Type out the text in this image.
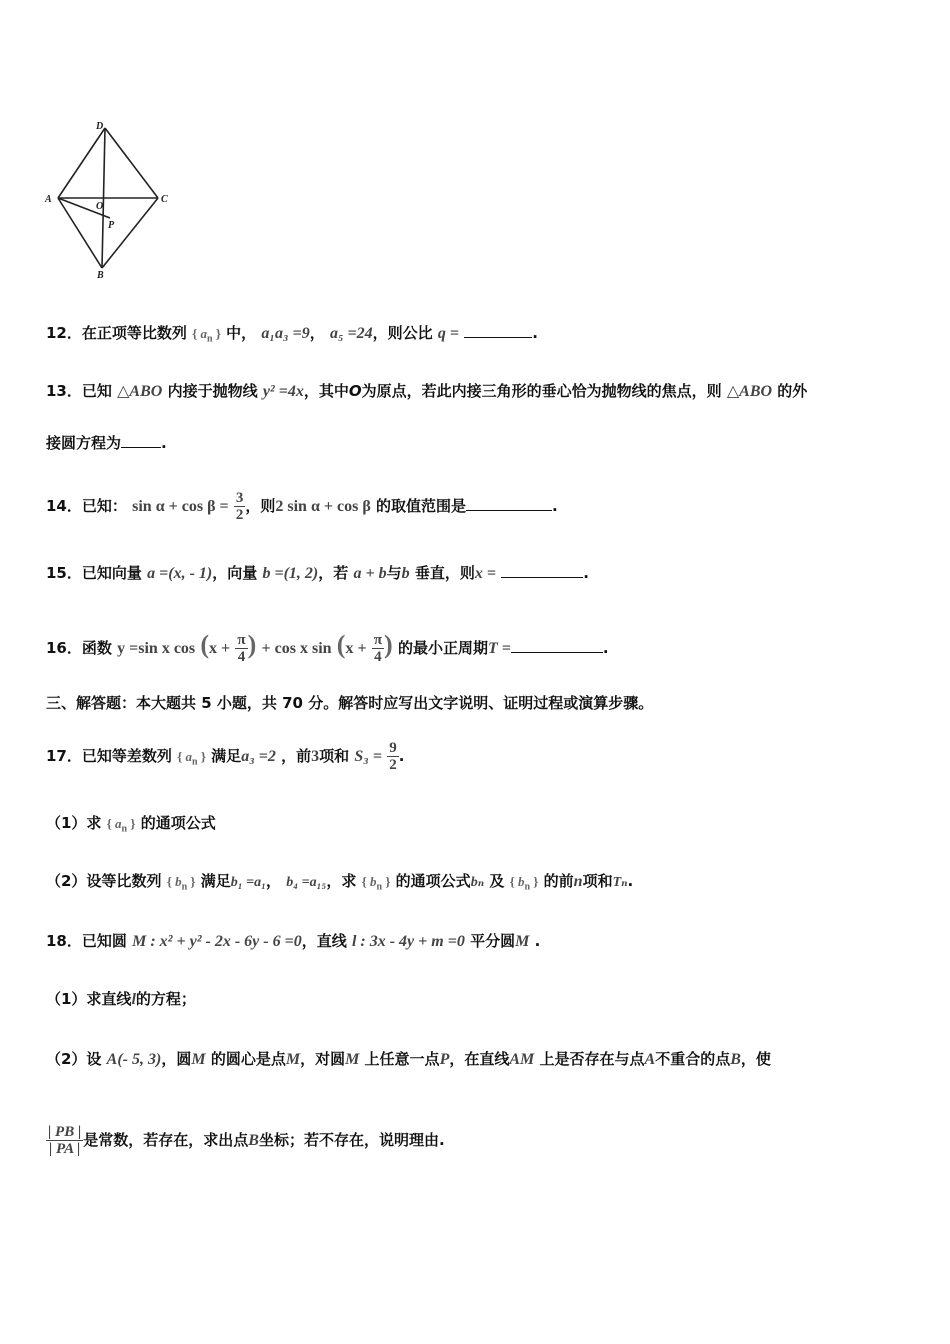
D
A	C
O
P
B
12．在正项等比数列 { $a_n$ } 中， a₁a₃ =9， a₅ =24，则公比 q =	.
13．已知 △ABO 内接于抛物线 y² =4x，其中O为原点，若此内接三角形的垂心恰为抛物线的焦点，则 △ABO 的外
接圆方程为	.
14．已知： $\sin \alpha + \cos \beta = \frac{3}{2}$ ，则2 sin α + cos β 的取值范围是	.
15．已知向量 a =(x, - 1)，向量 b =(1, 2)，若 a + b与b 垂直，则x =	.
16．函数 y =sin x $\cos (x + \frac{\pi}{4}$ ) + cos x $\sin (x + \frac{\pi}{4}$ ) 的最小正周期T =	.
三、解答题：本大题共 5 小题，共 70 分。解答时应写出文字说明、证明过程或演算步骤。
17．已知等差数列 { $a_n$ } 满足a₃ =2 ，前3项和 $S_3 = \frac{9}{2}$ .
（1）求 { $a_n$ } 的通项公式
（2）设等比数列 { $b_n$ } 满足b₁ =a₁， b₄ =a₁₅，求 { $b_n$ } 的通项公式bₙ 及 { $b_n$ } 的前n项和Tₙ.
18．已知圆 M : x² + y² - 2x - 6y - 6 =0，直线 l : 3x - 4y + m =0 平分圆M .
（1）求直线l的方程；
（2）设 A(- 5, 3)，圆M 的圆心是点M，对圆M 上任意一点P，在直线AM 上是否存在与点A不重合的点B，使
$\frac{| PB |}{| PA |}$ 是常数，若存在，求出点B坐标；若不存在，说明理由.
